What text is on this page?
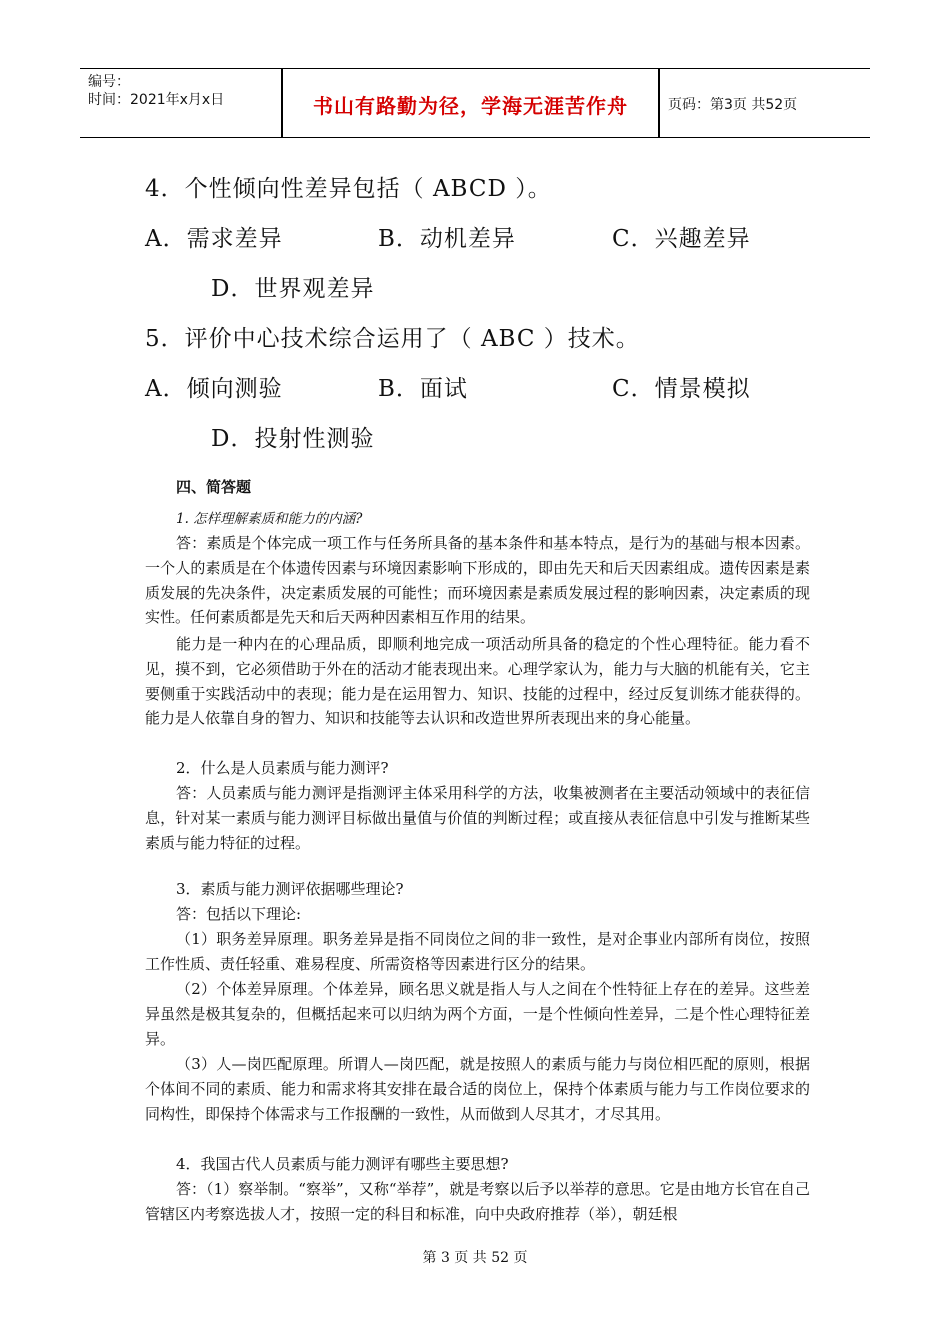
编号：
时间：2021年x月x日	书山有路勤为径，学海无涯苦作舟	页码：第3页 共52页
4．个性倾向性差异包括（ ABCD ）。
A．需求差异	B．动机差异	C．兴趣差异
D．世界观差异
5．评价中心技术综合运用了（ ABC ）技术。
A．倾向测验	B．面试	C．情景模拟
D．投射性测验
四、简答题
1. 怎样理解素质和能力的内涵?
答：素质是个体完成一项工作与任务所具备的基本条件和基本特点，是行为的基础与根本因素。一个人的素质是在个体遗传因素与环境因素影响下形成的，即由先天和后天因素组成。遗传因素是素质发展的先决条件，决定素质发展的可能性；而环境因素是素质发展过程的影响因素，决定素质的现实性。任何素质都是先天和后天两种因素相互作用的结果。
能力是一种内在的心理品质，即顺利地完成一项活动所具备的稳定的个性心理特征。能力看不见，摸不到，它必须借助于外在的活动才能表现出来。心理学家认为，能力与大脑的机能有关，它主要侧重于实践活动中的表现；能力是在运用智力、知识、技能的过程中，经过反复训练才能获得的。能力是人依靠自身的智力、知识和技能等去认识和改造世界所表现出来的身心能量。
2．什么是人员素质与能力测评?
答：人员素质与能力测评是指测评主体采用科学的方法，收集被测者在主要活动领域中的表征信息，针对某一素质与能力测评目标做出量值与价值的判断过程；或直接从表征信息中引发与推断某些素质与能力特征的过程。
3．素质与能力测评依据哪些理论?
答：包括以下理论:
（1）职务差异原理。职务差异是指不同岗位之间的非一致性，是对企事业内部所有岗位，按照工作性质、责任轻重、难易程度、所需资格等因素进行区分的结果。
（2）个体差异原理。个体差异，顾名思义就是指人与人之间在个性特征上存在的差异。这些差异虽然是极其复杂的，但概括起来可以归纳为两个方面，一是个性倾向性差异，二是个性心理特征差异。
（3）人—岗匹配原理。所谓人—岗匹配，就是按照人的素质与能力与岗位相匹配的原则，根据个体间不同的素质、能力和需求将其安排在最合适的岗位上，保持个体素质与能力与工作岗位要求的同构性，即保持个体需求与工作报酬的一致性，从而做到人尽其才，才尽其用。
4．我国古代人员素质与能力测评有哪些主要思想?
答：（1）察举制。“察举”，又称“举荐”，就是考察以后予以举荐的意思。它是由地方长官在自己管辖区内考察选拔人才，按照一定的科目和标准，向中央政府推荐（举），朝廷根
第 3 页 共 52 页
